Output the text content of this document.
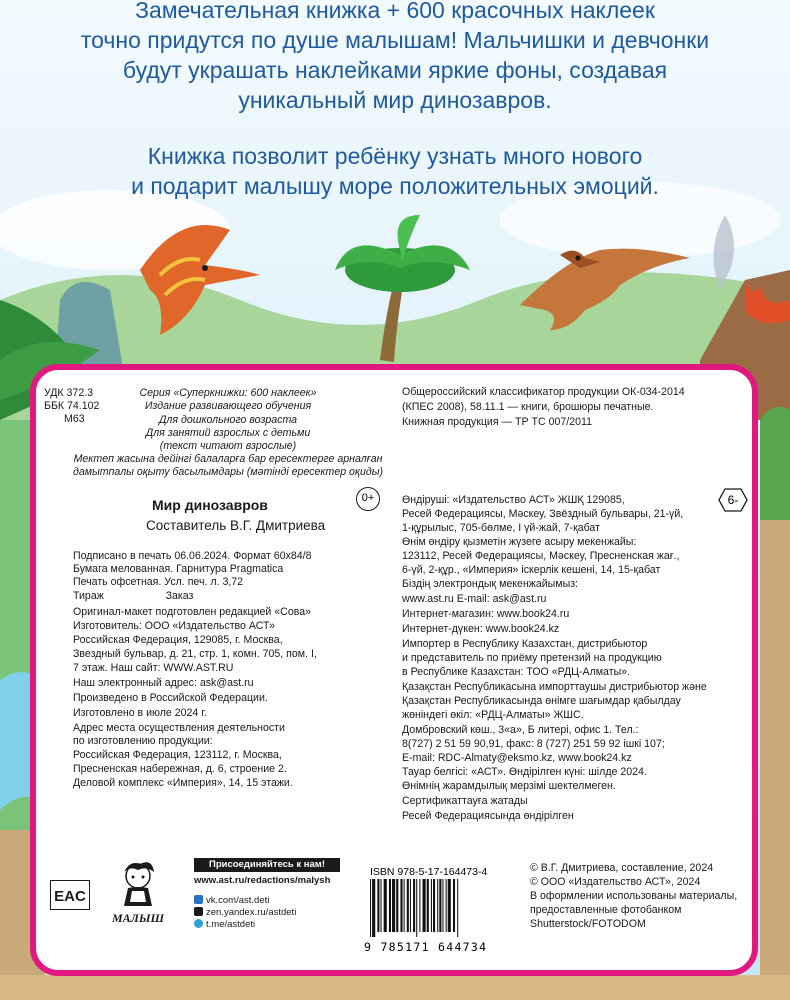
Замечательная книжка + 600 красочных наклеек

точно придутся по душе малышам! Мальчишки и девчонки

будут украшать наклейками яркие фоны, создавая

уникальный мир динозавров.

Книжка позволит ребёнку узнать много нового

и подарит малышу море положительных эмоций.

УДК 372.3
ББК 74.102
М63
Серия «Суперкнижки: 600 наклеек»
Издание развивающего обучения
Для дошкольного возраста
Для занятий взрослых с детьми
(текст читают взрослые)
Мектеп жасына дейінгі балаларға бар ересектерге арналған
дамытпалы оқыту басылымдары (мәтінді ересектер оқиды)
Общероссийский классификатор продукции ОК-034-2014
(КПЕС 2008), 58.11.1 — книги, брошюры печатные.
Книжная продукция — ТР ТС 007/2011
Мир динозавров
Составитель В.Г. Дмитриева
0+	6-
Подписано в печать 06.06.2024. Формат 60х84/8
Бумага мелованная. Гарнитура Pragmatica
Печать офсетная. Усл. печ. л. 3,72
Тираж                     Заказ
Оригинал-макет подготовлен редакцией «Сова»
Изготовитель: ООО «Издательство АСТ»
Российская Федерация, 129085, г. Москва,
Звездный бульвар, д. 21, стр. 1, комн. 705, пом. I,
7 этаж. Наш сайт: WWW.AST.RU
Наш электронный адрес: ask@ast.ru
Произведено в Российской Федерации.
Изготовлено в июле 2024 г.
Адрес места осуществления деятельности
по изготовлению продукции:
Российская Федерация, 123112, г. Москва,
Пресненская набережная, д. 6, строение 2.
Деловой комплекс «Империя», 14, 15 этажи.
Өндіруші: «Издательство АСТ» ЖШҚ 129085,
Ресей Федерациясы, Мәскеу, Звёздный бульвары, 21-үй,
1-құрылыс, 705-бөлме, I үй-жай, 7-қабат
Өнім өндіру қызметін жүзеге асыру мекенжайы:
123112, Ресей Федерациясы, Мәскеу, Пресненская жағ.,
6-үй, 2-құр., «Империя» іскерлік кешені, 14, 15-қабат
Біздің электрондық мекенжайымыз:
www.ast.ru E-mail: ask@ast.ru
Интернет-магазин: www.book24.ru
Интернет-дүкен: www.book24.kz
Импортер в Республику Казахстан, дистрибьютор
и представитель по приёму претензий на продукцию
в Республике Казахстан: ТОО «РДЦ-Алматы».
Қазақстан Республикасына импорттаушы дистрибьютор және
Қазақстан Республикасында өнімге шағымдар қабылдау
жөніндегі өкіл: «РДЦ-Алматы» ЖШС.
Домбровский көш., 3«а», Б литері, офис 1. Тел.:
8(727) 2 51 59 90,91, факс: 8 (727) 251 59 92 ішкі 107;
E-mail: RDC-Almaty@eksmo.kz, www.book24.kz
Тауар белгісі: «АСТ». Өндірілген күні: шілде 2024.
Өнімнің жарамдылық мерзімі шектелмеген.
Сертификаттауға жатады
Ресей Федерациясында өндірілген
EAC
МАЛЫШ
Присоединяйтесь к нам!
www.ast.ru/redactions/malysh
vk.com/ast.deti
zen.yandex.ru/astdeti
t.me/astdeti
ISBN 978-5-17-164473-4
9 785171 644734
© В.Г. Дмитриева, составление, 2024
© ООО «Издательство АСТ», 2024
В оформлении использованы материалы,
предоставленные фотобанком
Shutterstock/FOTODOM
